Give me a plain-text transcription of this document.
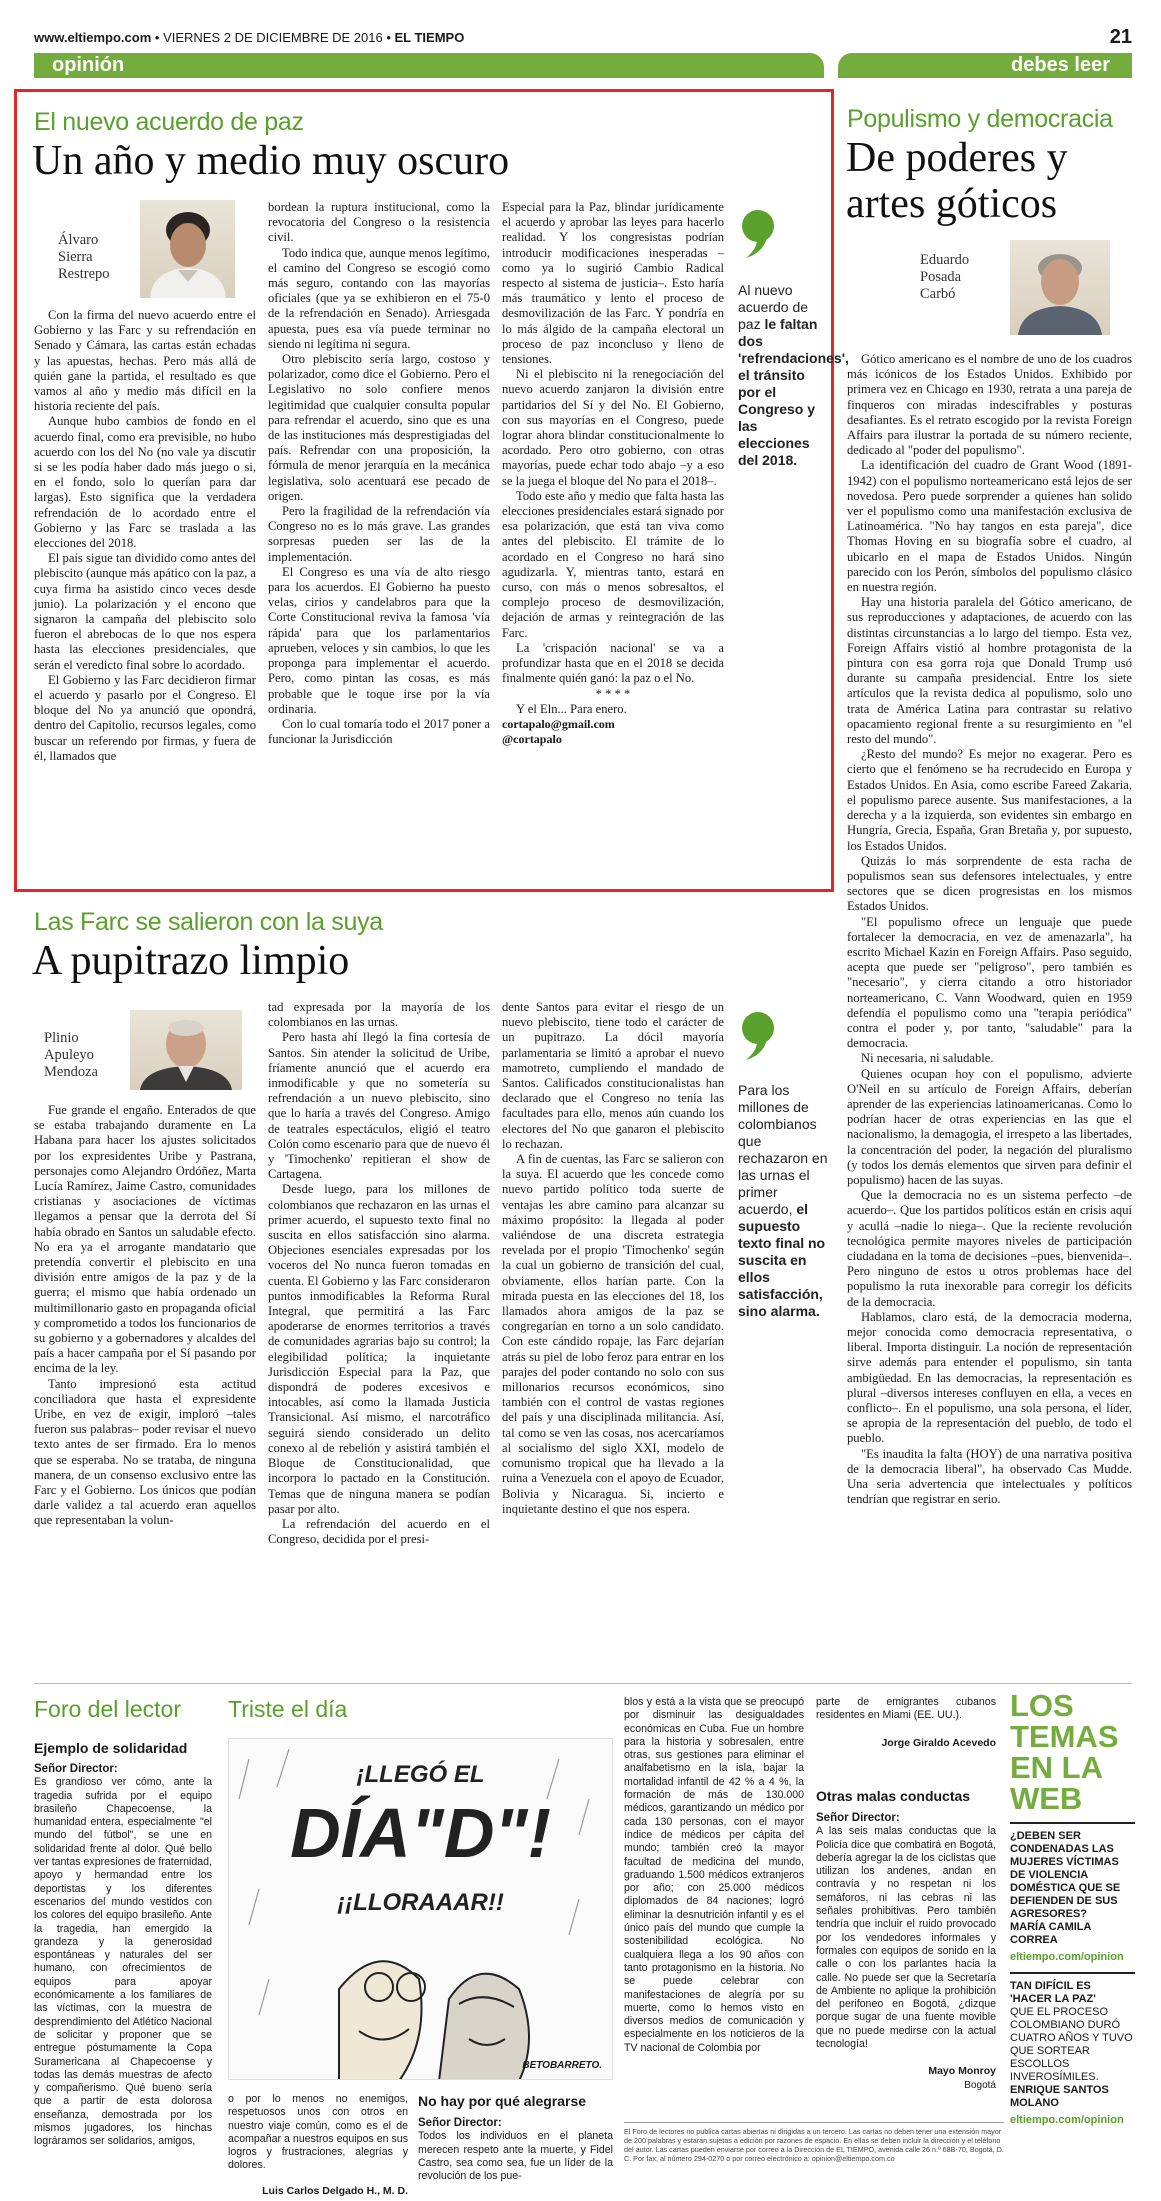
www.eltiempo.com • VIERNES 2 DE DICIEMBRE DE 2016 • EL TIEMPO	21
opinión	debes leer
El nuevo acuerdo de paz
Un año y medio muy oscuro
Álvaro
Sierra
Restrepo

Con la firma del nuevo acuerdo entre el Gobierno y las Farc y su refrendación en Senado y Cámara, las cartas están echadas y las apuestas, hechas. Pero más allá de quién gane la partida, el resultado es que vamos al año y medio más difícil en la historia reciente del país.

Aunque hubo cambios de fondo en el acuerdo final, como era previsible, no hubo acuerdo con los del No (no vale ya discutir si se les podía haber dado más juego o si, en el fondo, solo lo querían para dar largas). Esto significa que la verdadera refrendación de lo acordado entre el Gobierno y las Farc se traslada a las elecciones del 2018.

El país sigue tan dividido como antes del plebiscito (aunque más apático con la paz, a cuya firma ha asistido cinco veces desde junio). La polarización y el encono que signaron la campaña del plebiscito solo fueron el abrebocas de lo que nos espera hasta las elecciones presidenciales, que serán el veredicto final sobre lo acordado.

El Gobierno y las Farc decidieron firmar el acuerdo y pasarlo por el Congreso. El bloque del No ya anunció que opondrá, dentro del Capitolio, recursos legales, como buscar un referendo por firmas, y fuera de él, llamados que

bordean la ruptura institucional, como la revocatoria del Congreso o la resistencia civil.

Todo indica que, aunque menos legítimo, el camino del Congreso se escogió como más seguro, contando con las mayorías oficiales (que ya se exhibieron en el 75-0 de la refrendación en Senado). Arriesgada apuesta, pues esa vía puede terminar no siendo ni legítima ni segura.

Otro plebiscito sería largo, costoso y polarizador, como dice el Gobierno. Pero el Legislativo no solo confiere menos legitimidad que cualquier consulta popular para refrendar el acuerdo, sino que es una de las instituciones más desprestigiadas del país. Refrendar con una proposición, la fórmula de menor jerarquía en la mecánica legislativa, solo acentuará ese pecado de origen.

Pero la fragilidad de la refrendación vía Congreso no es lo más grave. Las grandes sorpresas pueden ser las de la implementación.

El Congreso es una vía de alto riesgo para los acuerdos. El Gobierno ha puesto velas, cirios y candelabros para que la Corte Constitucional reviva la famosa 'vía rápida' para que los parlamentarios aprueben, veloces y sin cambios, lo que les proponga para implementar el acuerdo. Pero, como pintan las cosas, es más probable que le toque irse por la vía ordinaria.

Con lo cual tomaría todo el 2017 poner a funcionar la Jurisdicción

Especial para la Paz, blindar jurídicamente el acuerdo y aprobar las leyes para hacerlo realidad. Y los congresistas podrían introducir modificaciones inesperadas –como ya lo sugirió Cambio Radical respecto al sistema de justicia–. Esto haría más traumático y lento el proceso de desmovilización de las Farc. Y pondría en lo más álgido de la campaña electoral un proceso de paz inconcluso y lleno de tensiones.

Ni el plebiscito ni la renegociación del nuevo acuerdo zanjaron la división entre partidarios del Sí y del No. El Gobierno, con sus mayorías en el Congreso, puede lograr ahora blindar constitucionalmente lo acordado. Pero otro gobierno, con otras mayorías, puede echar todo abajo –y a eso se la juega el bloque del No para el 2018–.

Todo este año y medio que falta hasta las elecciones presidenciales estará signado por esa polarización, que está tan viva como antes del plebiscito. El trámite de lo acordado en el Congreso no hará sino agudizarla. Y, mientras tanto, estará en curso, con más o menos sobresaltos, el complejo proceso de desmovilización, dejación de armas y reintegración de las Farc.

La 'crispación nacional' se va a profundizar hasta que en el 2018 se decida finalmente quién ganó: la paz o el No.

* * * *

Y el Eln... Para enero.

cortapalo@gmail.com
@cortapalo
Al nuevo acuerdo de paz le faltan dos 'refrendaciones', el tránsito por el Congreso y las elecciones del 2018.
Las Farc se salieron con la suya
A pupitrazo limpio
Plinio
Apuleyo
Mendoza

Fue grande el engaño. Enterados de que se estaba trabajando duramente en La Habana para hacer los ajustes solicitados por los expresidentes Uribe y Pastrana, personajes como Alejandro Ordóñez, Marta Lucía Ramírez, Jaime Castro, comunidades cristianas y asociaciones de víctimas llegamos a pensar que la derrota del Sí había obrado en Santos un saludable efecto. No era ya el arrogante mandatario que pretendía convertir el plebiscito en una división entre amigos de la paz y de la guerra; el mismo que había ordenado un multimillonario gasto en propaganda oficial y comprometido a todos los funcionarios de su gobierno y a gobernadores y alcaldes del país a hacer campaña por el Sí pasando por encima de la ley.

Tanto impresionó esta actitud conciliadora que hasta el expresidente Uribe, en vez de exigir, imploró –tales fueron sus palabras– poder revisar el nuevo texto antes de ser firmado. Era lo menos que se esperaba. No se trataba, de ninguna manera, de un consenso exclusivo entre las Farc y el Gobierno. Los únicos que podían darle validez a tal acuerdo eran aquellos que representaban la volun-

tad expresada por la mayoría de los colombianos en las urnas.

Pero hasta ahí llegó la fina cortesía de Santos. Sin atender la solicitud de Uribe, fríamente anunció que el acuerdo era inmodificable y que no sometería su refrendación a un nuevo plebiscito, sino que lo haría a través del Congreso. Amigo de teatrales espectáculos, eligió el teatro Colón como escenario para que de nuevo él y 'Timochenko' repitieran el show de Cartagena.

Desde luego, para los millones de colombianos que rechazaron en las urnas el primer acuerdo, el supuesto texto final no suscita en ellos satisfacción sino alarma. Objeciones esenciales expresadas por los voceros del No nunca fueron tomadas en cuenta. El Gobierno y las Farc consideraron puntos inmodificables la Reforma Rural Integral, que permitirá a las Farc apoderarse de enormes territorios a través de comunidades agrarias bajo su control; la elegibilidad política; la inquietante Jurisdicción Especial para la Paz, que dispondrá de poderes excesivos e intocables, así como la llamada Justicia Transicional. Así mismo, el narcotráfico seguirá siendo considerado un delito conexo al de rebelión y asistirá también el Bloque de Constitucionalidad, que incorpora lo pactado en la Constitución. Temas que de ninguna manera se podían pasar por alto.

La refrendación del acuerdo en el Congreso, decidida por el presi-

dente Santos para evitar el riesgo de un nuevo plebiscito, tiene todo el carácter de un pupitrazo. La dócil mayoría parlamentaria se limitó a aprobar el nuevo mamotreto, cumpliendo el mandado de Santos. Calificados constitucionalistas han declarado que el Congreso no tenía las facultades para ello, menos aún cuando los electores del No que ganaron el plebiscito lo rechazan.

A fin de cuentas, las Farc se salieron con la suya. El acuerdo que les concede como nuevo partido político toda suerte de ventajas les abre camino para alcanzar su máximo propósito: la llegada al poder valiéndose de una discreta estrategia revelada por el propio 'Timochenko' según la cual un gobierno de transición del cual, obviamente, ellos harían parte. Con la mirada puesta en las elecciones del 18, los llamados ahora amigos de la paz se congregarían en torno a un solo candidato. Con este cándido ropaje, las Farc dejarían atrás su piel de lobo feroz para entrar en los parajes del poder contando no solo con sus millonarios recursos económicos, sino también con el control de vastas regiones del país y una disciplinada militancia. Así, tal como se ven las cosas, nos acercaríamos al socialismo del siglo XXI, modelo de comunismo tropical que ha llevado a la ruina a Venezuela con el apoyo de Ecuador, Bolivia y Nicaragua. Si, incierto e inquietante destino el que nos espera.

Para los millones de colombianos que rechazaron en las urnas el primer acuerdo, el supuesto texto final no suscita en ellos satisfacción, sino alarma.
Populismo y democracia
De poderes y
artes góticos
Eduardo
Posada
Carbó

Gótico americano es el nombre de uno de los cuadros más icónicos de los Estados Unidos. Exhibido por primera vez en Chicago en 1930, retrata a una pareja de finqueros con miradas indescifrables y posturas desafiantes. Es el retrato escogido por la revista Foreign Affairs para ilustrar la portada de su número reciente, dedicado al "poder del populismo".

La identificación del cuadro de Grant Wood (1891-1942) con el populismo norteamericano está lejos de ser novedosa. Pero puede sorprender a quienes han solido ver el populismo como una manifestación exclusiva de Latinoamérica. "No hay tangos en esta pareja", dice Thomas Hoving en su biografía sobre el cuadro, al ubicarlo en el mapa de Estados Unidos. Ningún parecido con los Perón, símbolos del populismo clásico en nuestra región.

Hay una historia paralela del Gótico americano, de sus reproducciones y adaptaciones, de acuerdo con las distintas circunstancias a lo largo del tiempo. Esta vez, Foreign Affairs vistió al hombre protagonista de la pintura con esa gorra roja que Donald Trump usó durante su campaña presidencial. Entre los siete artículos que la revista dedica al populismo, solo uno trata de América Latina para contrastar su relativo opacamiento regional frente a su resurgimiento en "el resto del mundo".

¿Resto del mundo? Es mejor no exagerar. Pero es cierto que el fenómeno se ha recrudecido en Europa y Estados Unidos. En Asia, como escribe Fareed Zakaria, el populismo parece ausente. Sus manifestaciones, a la derecha y a la izquierda, son evidentes sin embargo en Hungría, Grecia, España, Gran Bretaña y, por supuesto, los Estados Unidos.

Quizás lo más sorprendente de esta racha de populismos sean sus defensores intelectuales, y entre sectores que se dicen progresistas en los mismos Estados Unidos.

"El populismo ofrece un lenguaje que puede fortalecer la democracia, en vez de amenazarla", ha escrito Michael Kazin en Foreign Affairs. Paso seguido, acepta que puede ser "peligroso", pero también es "necesario", y cierra citando a otro historiador norteamericano, C. Vann Woodward, quien en 1959 defendía el populismo como una "terapia periódica" contra el poder y, por tanto, "saludable" para la democracia.

Ni necesaria, ni saludable.

Quienes ocupan hoy con el populismo, advierte O'Neil en su artículo de Foreign Affairs, deberían aprender de las experiencias latinoamericanas. Como lo podrían hacer de otras experiencias en las que el nacionalismo, la demagogia, el irrespeto a las libertades, la concentración del poder, la negación del pluralismo (y todos los demás elementos que sirven para definir el populismo) hacen de las suyas.

Que la democracia no es un sistema perfecto –de acuerdo–. Que los partidos políticos están en crisis aquí y acullá –nadie lo niega–. Que la reciente revolución tecnológica permite mayores niveles de participación ciudadana en la toma de decisiones –pues, bienvenida–. Pero ninguno de estos u otros problemas hace del populismo la ruta inexorable para corregir los déficits de la democracia.

Hablamos, claro está, de la democracia moderna, mejor conocida como democracia representativa, o liberal. Importa distinguir. La noción de representación sirve además para entender el populismo, sin tanta ambigüedad. En las democracias, la representación es plural –diversos intereses confluyen en ella, a veces en conflicto–. En el populismo, una sola persona, el líder, se apropia de la representación del pueblo, de todo el pueblo.

"Es inaudita la falta (HOY) de una narrativa positiva de la democracia liberal", ha observado Cas Mudde. Una seria advertencia que intelectuales y políticos tendrían que registrar en serio.

Foro del lector
Ejemplo de solidaridad
Señor Director:

Es grandioso ver cómo, ante la tragedia sufrida por el equipo brasileño Chapecoense, la humanidad entera, especialmente "el mundo del fútbol", se une en solidaridad frente al dolor. Qué bello ver tantas expresiones de fraternidad, apoyo y hermandad entre los deportistas y los diferentes escenarios del mundo vestidos con los colores del equipo brasileño. Ante la tragedia, han emergido la grandeza y la generosidad espontáneas y naturales del ser humano, con ofrecimientos de equipos para apoyar económicamente a los familiares de las víctimas, con la muestra de desprendimiento del Atlético Nacional de solicitar y proponer que se entregue póstumamente la Copa Suramericana al Chapecoense y todas las demás muestras de afecto y compañerismo. Qué bueno sería que a partir de esta dolorosa enseñanza, demostrada por los mismos jugadores, los hinchas lográramos ser solidarios, amigos,

Triste el día
¡LLEGÓ EL
DÍA"D"!
¡¡LLORAAAR!!
BETOBARRETO.

o por lo menos no enemigos, respetuosos unos con otros en nuestro viaje común, como es el de acompañar a nuestros equipos en sus logros y frustraciones, alegrías y dolores.

Luis Carlos Delgado H., M. D.
No hay por qué alegrarse
Señor Director:

Todos los individuos en el planeta merecen respeto ante la muerte, y Fidel Castro, sea como sea, fue un líder de la revolución de los pue-

blos y está a la vista que se preocupó por disminuir las desigualdades económicas en Cuba. Fue un hombre para la historia y sobresalen, entre otras, sus gestiones para eliminar el analfabetismo en la isla, bajar la mortalidad infantil de 42 % a 4 %, la formación de más de 130.000 médicos, garantizando un médico por cada 130 personas, con el mayor índice de médicos per cápita del mundo; también creó la mayor facultad de medicina del mundo, graduando 1.500 médicos extranjeros por año; con 25.000 médicos diplomados de 84 naciones; logró eliminar la desnutrición infantil y es el único país del mundo que cumple la sostenibilidad ecológica. No cualquiera llega a los 90 años con tanto protagonismo en la historia. No se puede celebrar con manifestaciones de alegría por su muerte, como lo hemos visto en diversos medios de comunicación y especialmente en los noticieros de la TV nacional de Colombia por

El Foro de lectores no publica cartas abiertas ni dirigidas a un tercero. Las cartas no deben tener una extensión mayor de 200 palabras y estarán sujetas a edición por razones de espacio. En ellas se deben incluir la dirección y el teléfono del autor. Las cartas pueden enviarse por correo a la Dirección de EL TIEMPO, avenida calle 26 n.º 68B-70, Bogotá, D. C. Por fax, al número 294-0270 o por correo electrónico a: opinion@eltiempo.com.co

parte de emigrantes cubanos residentes en Miami (EE. UU.).

Jorge Giraldo Acevedo
Otras malas conductas
Señor Director:

A las seis malas conductas que la Policía dice que combatirá en Bogotá, debería agregar la de los ciclistas que utilizan los andenes, andan en contravía y no respetan ni los semáforos, ni las cebras ni las señales prohibitivas. Pero también tendría que incluir el ruido provocado por los vendedores informales y formales con equipos de sonido en la calle o con los parlantes hacia la calle. No puede ser que la Secretaría de Ambiente no aplique la prohibición del perifoneo en Bogotá, ¿dizque porque sugar de una fuente movible que no puede medirse con la actual tecnología!

Mayo Monroy
Bogotá
LOS
TEMAS
EN LA
WEB
¿DEBEN SER CONDENADAS LAS MUJERES VÍCTIMAS DE VIOLENCIA DOMÉSTICA QUE SE DEFIENDEN DE SUS AGRESORES?
MARÍA CAMILA CORREA
eltiempo.com/opinion
TAN DIFÍCIL ES 'HACER LA PAZ'
QUE EL PROCESO COLOMBIANO DURÓ CUATRO AÑOS Y TUVO QUE SORTEAR ESCOLLOS INVEROSÍMILES.
ENRIQUE SANTOS MOLANO
eltiempo.com/opinion
